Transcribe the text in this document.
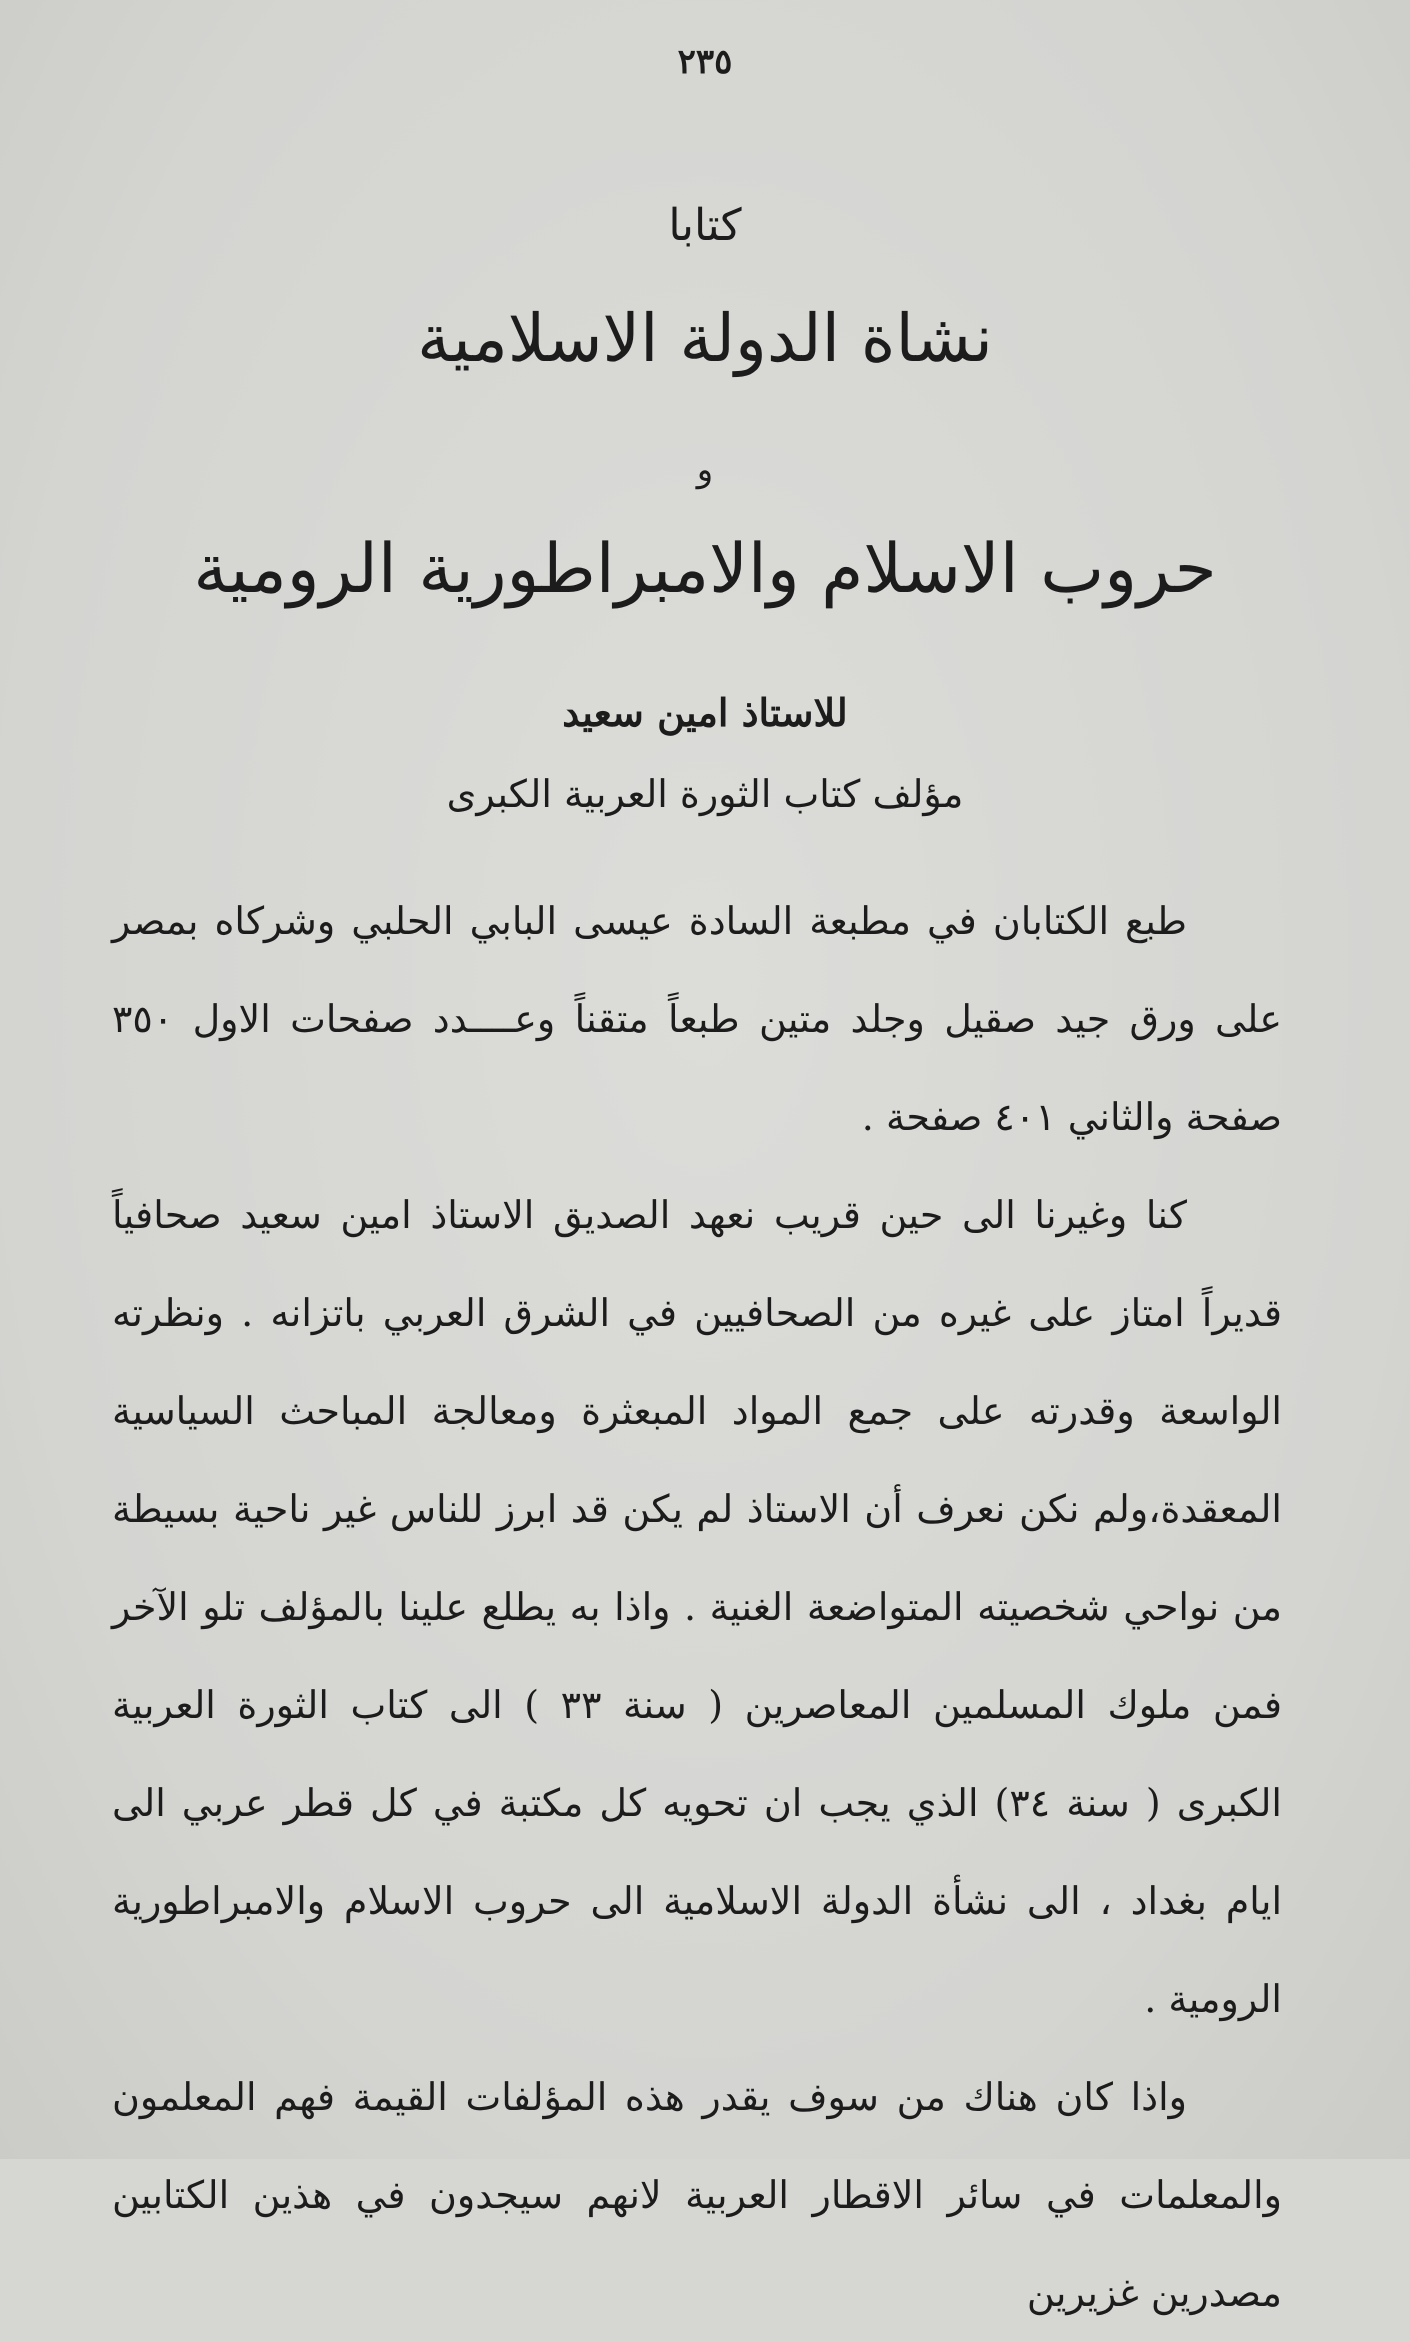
٢٣٥
كتابا
نشاة الدولة الاسلامية
و
حروب الاسلام والامبراطورية الرومية
للاستاذ امين سعيد
مؤلف كتاب الثورة العربية الكبرى

طبع الكتابان في مطبعة السادة عيسى البابي الحلبي وشركاه بمصر على ورق جيد صقيل وجلد متين طبعاً متقناً وعــــدد صفحات الاول ٣٥٠ صفحة والثاني ٤٠١ صفحة .

كنا وغيرنا الى حين قريب نعهد الصديق الاستاذ امين سعيد صحافياً قديراً امتاز على غيره من الصحافيين في الشرق العربي باتزانه . ونظرته الواسعة وقدرته على جمع المواد المبعثرة ومعالجة المباحث السياسية المعقدة،ولم نكن نعرف أن الاستاذ لم يكن قد ابرز للناس غير ناحية بسيطة من نواحي شخصيته المتواضعة الغنية . واذا به يطلع علينا بالمؤلف تلو الآخر فمن ملوك المسلمين المعاصرين ( سنة ٣٣ ) الى كتاب الثورة العربية الكبرى ( سنة ٣٤) الذي يجب ان تحويه كل مكتبة في كل قطر عربي الى ايام بغداد ، الى نشأة الدولة الاسلامية الى حروب الاسلام والامبراطورية الرومية .

واذا كان هناك من سوف يقدر هذه المؤلفات القيمة فهم المعلمون والمعلمات في سائر الاقطار العربية لانهم سيجدون في هذين الكتابين مصدرين غزيرين
